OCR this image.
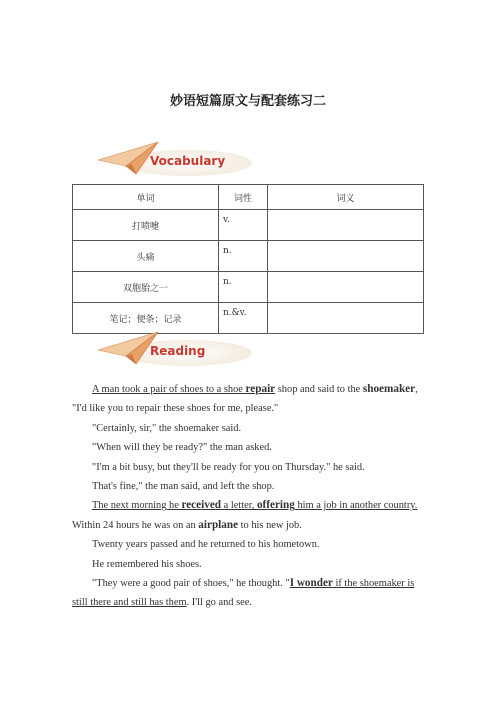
妙语短篇原文与配套练习二
Vocabulary
单词	词性	词义
打喷嚏	v.	
头痛	n.	
双胞胎之一	n.	
笔记；便条；记录	n.&v.	
Reading

A man took a pair of shoes to a shoe repair shop and said to the shoemaker, "I'd like you to repair these shoes for me, please."

"Certainly, sir," the shoemaker said.

"When will they be ready?" the man asked.

"I'm a bit busy, but they'll be ready for you on Thursday." he said.

That's fine," the man said, and left the shop.

The next morning he received a letter, offering him a job in another country. Within 24 hours he was on an airplane to his new job.

Twenty years passed and he returned to his hometown.

He remembered his shoes.

"They were a good pair of shoes," he thought. "I wonder if the shoemaker is still there and still has them. I'll go and see.
